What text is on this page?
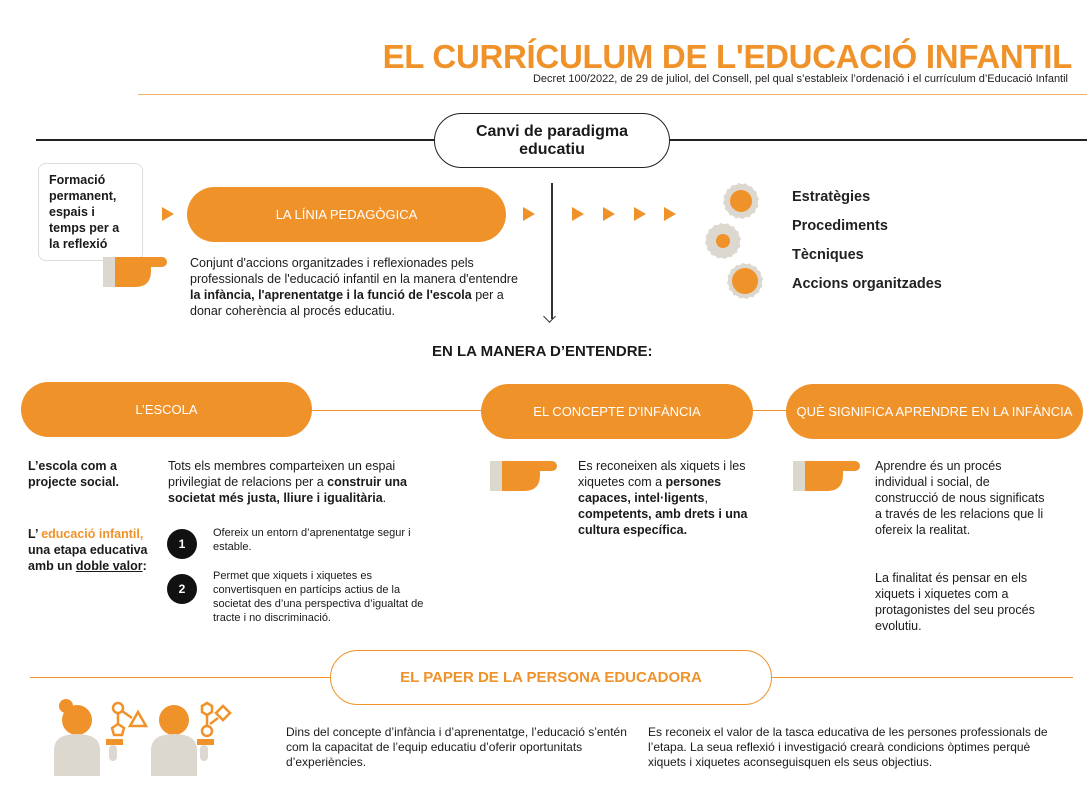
EL CURRÍCULUM DE L'EDUCACIÓ INFANTIL
Decret 100/2022, de 29 de juliol, del Consell, pel qual s’estableix l’ordenació i el currículum d’Educació Infantil
Canvi de paradigma
educatiu
Formació permanent, espais i temps per a la reflexió
LA LÍNIA PEDAGÒGICA
Conjunt d'accions organitzades i reflexionades pels professionals de l'educació infantil en la manera d'entendre la infància, l'aprenentatge i la funció de l'escola per a donar coherència al procés educatiu.
Estratègies
Procediments
Tècniques
Accions organitzades
EN LA MANERA D’ENTENDRE:
L’ESCOLA	EL CONCEPTE D'INFÀNCIA	QUÈ SIGNIFICA APRENDRE EN LA INFÀNCIA
L’escola com a projecte social.
Tots els membres comparteixen un espai privilegiat de relacions per a construir una societat més justa, lliure i igualitària.
L’ educació infantil, una etapa educativa amb un doble valor:
1
Ofereix un entorn d’aprenentatge segur i estable.
2
Permet que xiquets i xiquetes es convertisquen en partícips actius de la societat des d’una perspectiva d’igualtat de tracte i no discriminació.
Es reconeixen als xiquets i les xiquetes com a persones capaces, intel·ligents,
competents, amb drets i una cultura específica.
Aprendre és un procés individual i social, de construcció de nous significats a través de les relacions que li ofereix la realitat.
La finalitat és pensar en els xiquets i xiquetes com a protagonistes del seu procés evolutiu.
EL PAPER DE LA PERSONA EDUCADORA
Dins del concepte d’infància i d’aprenentatge, l’educació s’entén com la capacitat de l’equip educatiu d’oferir oportunitats d’experiències.
Es reconeix el valor de la tasca educativa de les persones professionals de l’etapa. La seua reflexió i investigació crearà condicions òptimes perquè xiquets i xiquetes aconseguisquen els seus objectius.
